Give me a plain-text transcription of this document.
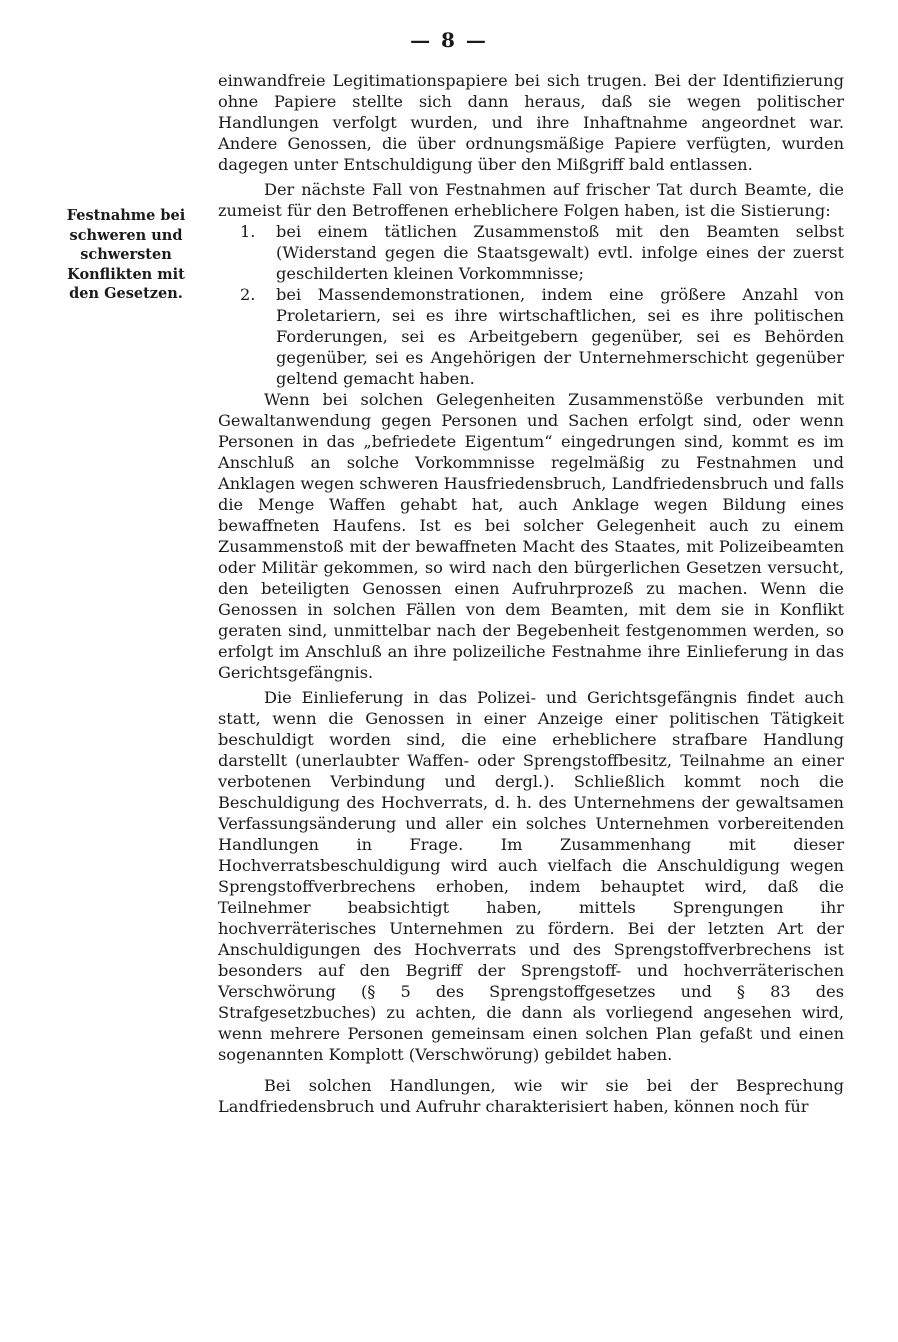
— 8 —
Festnahme bei schweren und schwersten Konflikten mit den Gesetzen.

einwandfreie Legitimationspapiere bei sich trugen. Bei der Identifizierung ohne Papiere stellte sich dann heraus, daß sie wegen politischer Handlungen verfolgt wurden, und ihre Inhaftnahme angeordnet war. Andere Genossen, die über ordnungsmäßige Papiere verfügten, wurden dagegen unter Entschuldigung über den Mißgriff bald entlassen.

Der nächste Fall von Festnahmen auf frischer Tat durch Beamte, die zumeist für den Betroffenen erheblichere Folgen haben, ist die Sistierung:

1. bei einem tätlichen Zusammenstoß mit den Beamten selbst (Widerstand gegen die Staatsgewalt) evtl. infolge eines der zuerst geschilderten kleinen Vorkommnisse;
2. bei Massendemonstrationen, indem eine größere Anzahl von Proletariern, sei es ihre wirtschaftlichen, sei es ihre politischen Forderungen, sei es Arbeitgebern gegenüber, sei es Behörden gegenüber, sei es Angehörigen der Unternehmerschicht gegenüber geltend gemacht haben.

Wenn bei solchen Gelegenheiten Zusammenstöße verbunden mit Gewaltanwendung gegen Personen und Sachen erfolgt sind, oder wenn Personen in das „befriedete Eigentum“ eingedrungen sind, kommt es im Anschluß an solche Vorkommnisse regelmäßig zu Festnahmen und Anklagen wegen schweren Hausfriedensbruch, Landfriedensbruch und falls die Menge Waffen gehabt hat, auch Anklage wegen Bildung eines bewaffneten Haufens. Ist es bei solcher Gelegenheit auch zu einem Zusammenstoß mit der bewaffneten Macht des Staates, mit Polizeibeamten oder Militär gekommen, so wird nach den bürgerlichen Gesetzen versucht, den beteiligten Genossen einen Aufruhrprozeß zu machen. Wenn die Genossen in solchen Fällen von dem Beamten, mit dem sie in Konflikt geraten sind, unmittelbar nach der Begebenheit festgenommen werden, so erfolgt im Anschluß an ihre polizeiliche Festnahme ihre Einlieferung in das Gerichtsgefängnis.

Die Einlieferung in das Polizei- und Gerichtsgefängnis findet auch statt, wenn die Genossen in einer Anzeige einer politischen Tätigkeit beschuldigt worden sind, die eine erheblichere strafbare Handlung darstellt (unerlaubter Waffen- oder Sprengstoffbesitz, Teilnahme an einer verbotenen Verbindung und dergl.). Schließlich kommt noch die Beschuldigung des Hochverrats, d. h. des Unternehmens der gewaltsamen Verfassungsänderung und aller ein solches Unternehmen vorbereitenden Handlungen in Frage. Im Zusammenhang mit dieser Hochverratsbeschuldigung wird auch vielfach die Anschuldigung wegen Sprengstoffverbrechens erhoben, indem behauptet wird, daß die Teilnehmer beabsichtigt haben, mittels Sprengungen ihr hochverräterisches Unternehmen zu fördern. Bei der letzten Art der Anschuldigungen des Hochverrats und des Sprengstoffverbrechens ist besonders auf den Begriff der Sprengstoff- und hochverräterischen Verschwörung (§ 5 des Sprengstoffgesetzes und § 83 des Strafgesetzbuches) zu achten, die dann als vorliegend angesehen wird, wenn mehrere Personen gemeinsam einen solchen Plan gefaßt und einen sogenannten Komplott (Verschwörung) gebildet haben.

Bei solchen Handlungen, wie wir sie bei der Besprechung Landfriedensbruch und Aufruhr charakterisiert haben, können noch für
